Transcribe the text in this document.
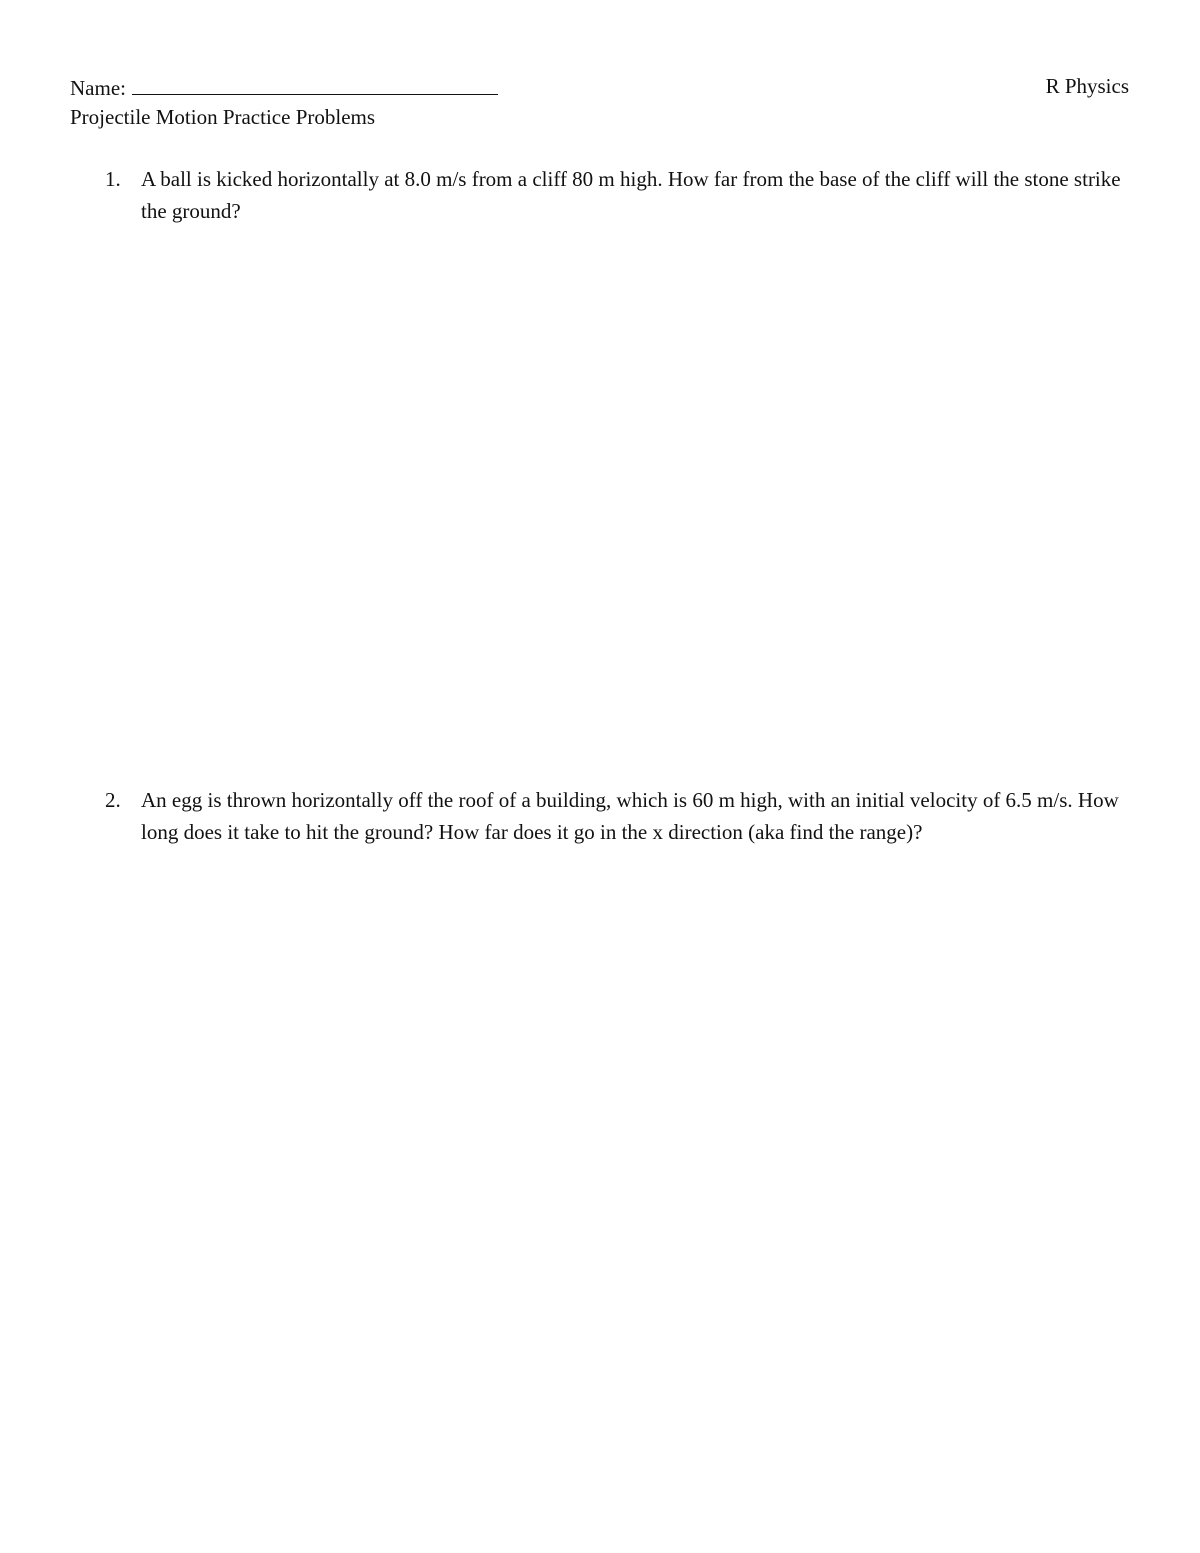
Name:	R Physics
Projectile Motion Practice Problems
1. A ball is kicked horizontally at 8.0 m/s from a cliff 80 m high. How far from the base of the cliff will the stone strike the ground?
2. An egg is thrown horizontally off the roof of a building, which is 60 m high, with an initial velocity of 6.5 m/s. How long does it take to hit the ground? How far does it go in the x direction (aka find the range)?
